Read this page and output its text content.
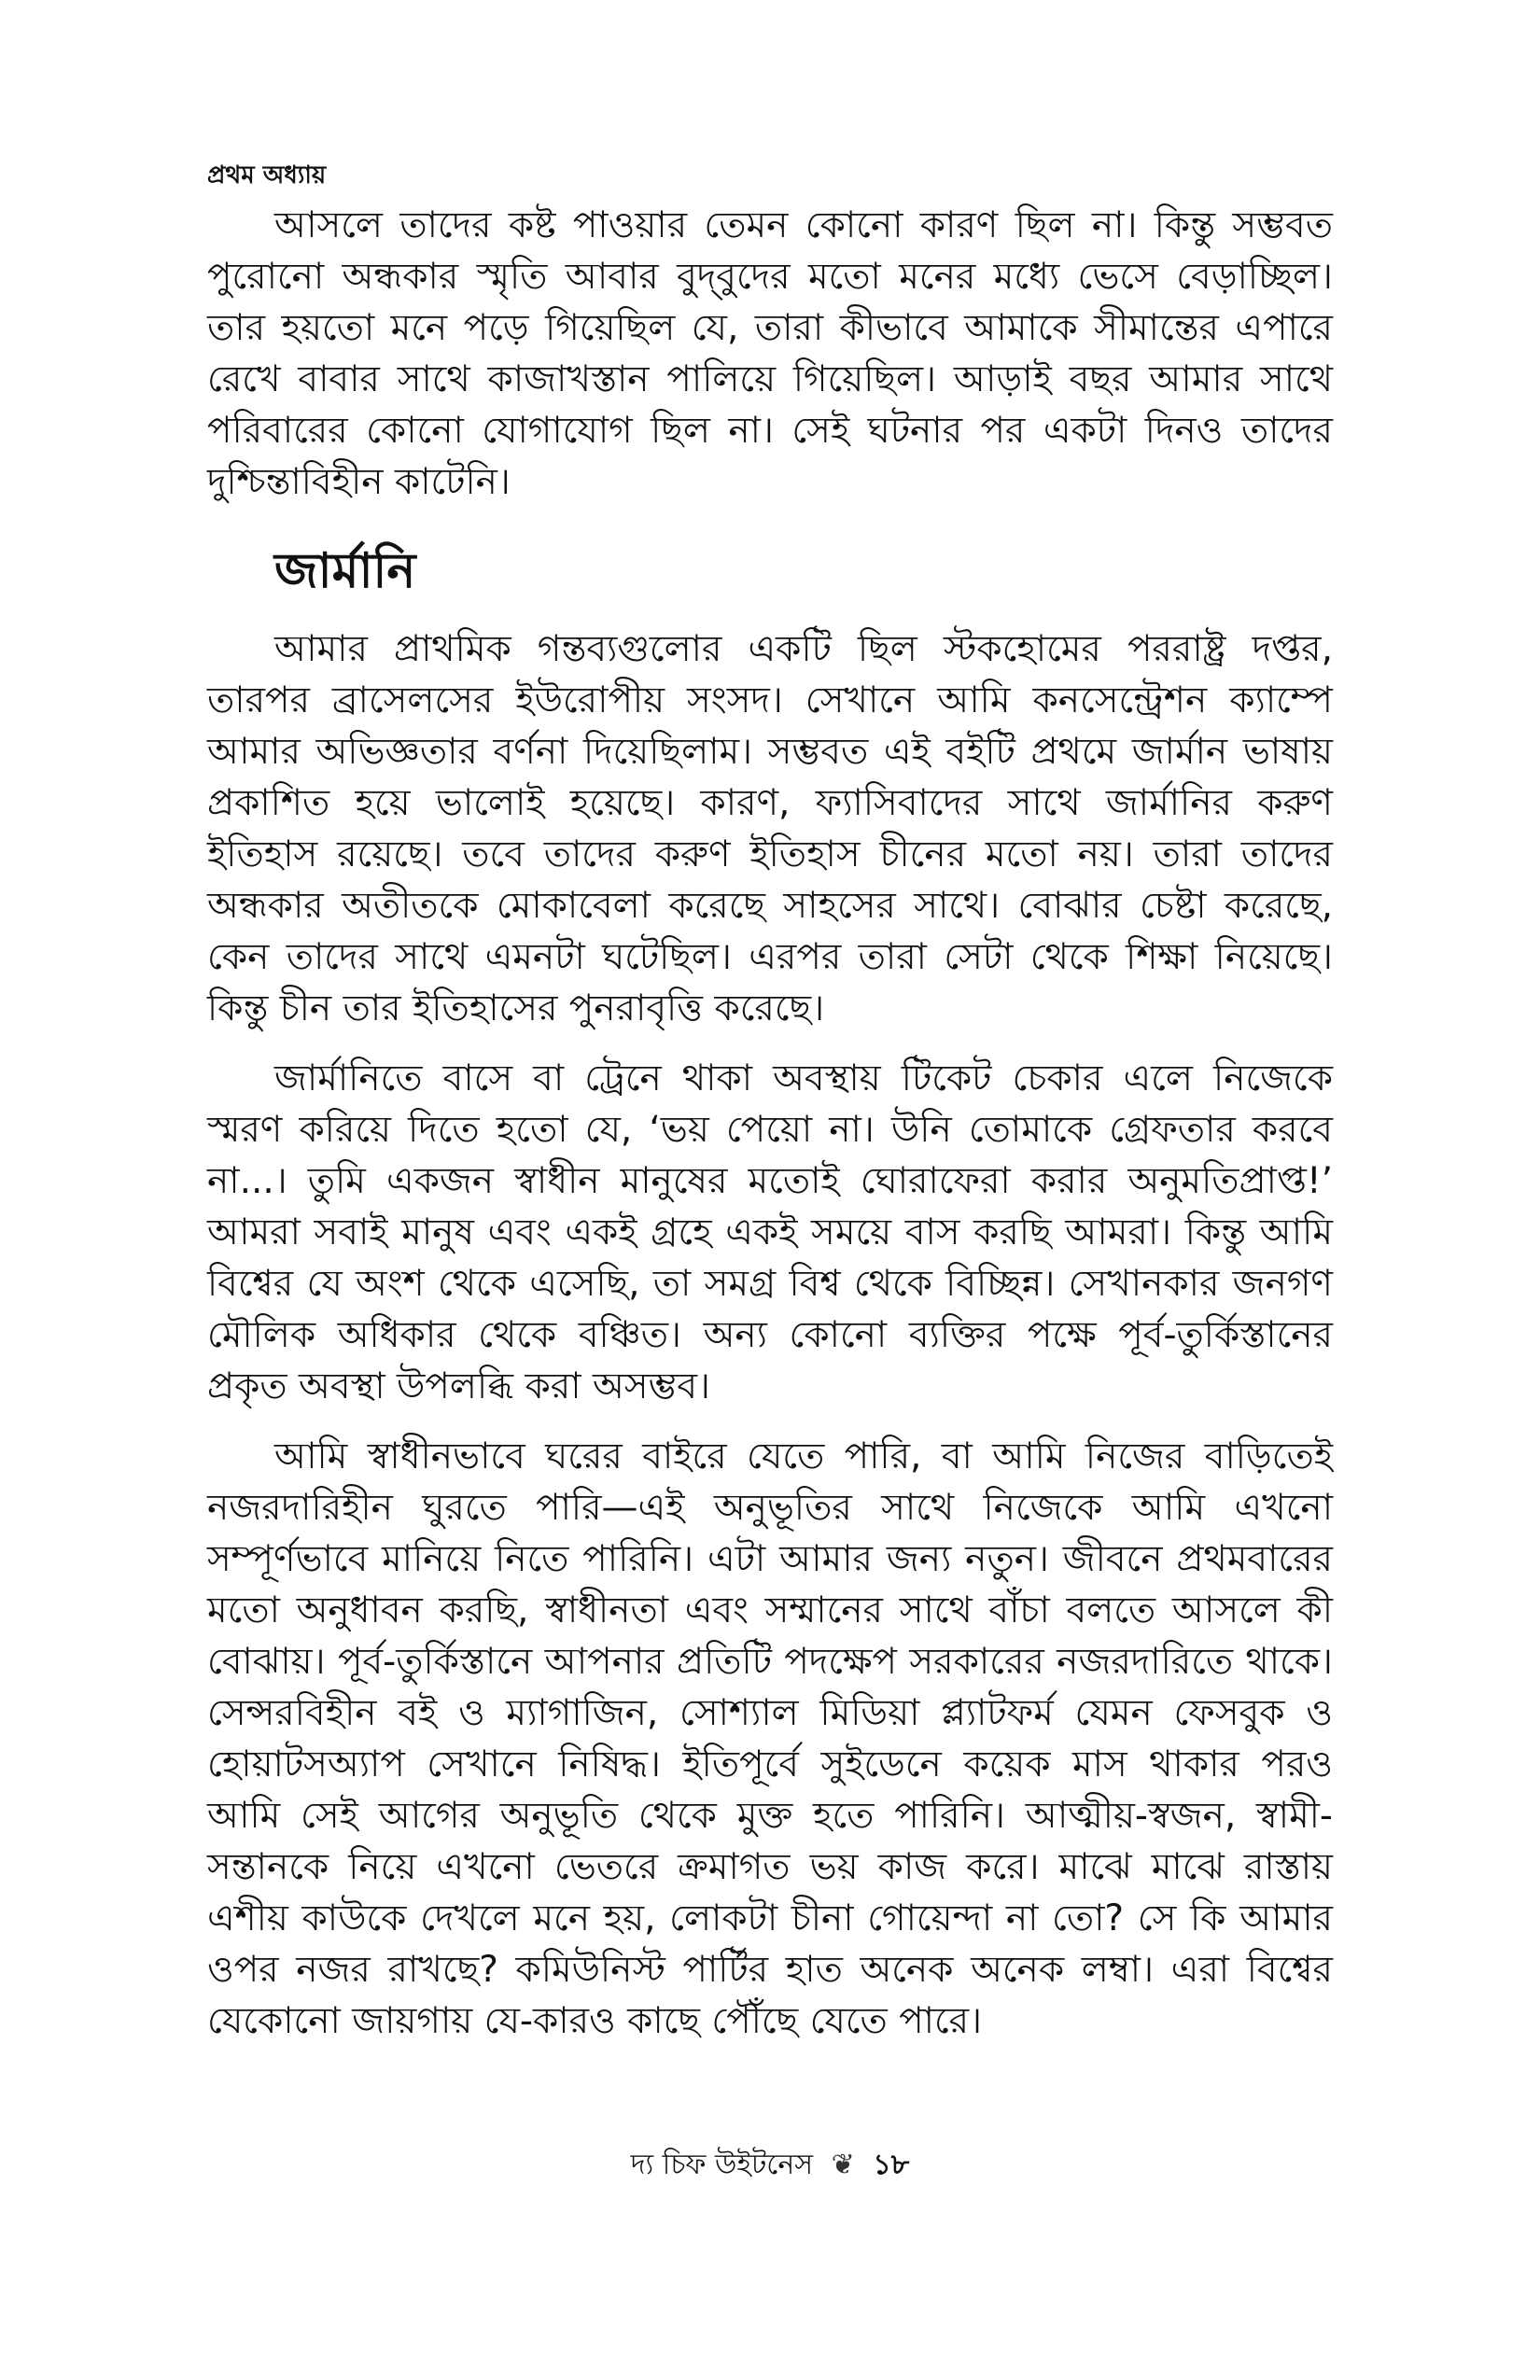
প্রথম অধ্যায়

আসলে তাদের কষ্ট পাওয়ার তেমন কোনো কারণ ছিল না। কিন্তু সম্ভবত পুরোনো অন্ধকার স্মৃতি আবার বুদ্‌বুদের মতো মনের মধ্যে ভেসে বেড়াচ্ছিল। তার হয়তো মনে পড়ে গিয়েছিল যে, তারা কীভাবে আমাকে সীমান্তের এপারে রেখে বাবার সাথে কাজাখস্তান পালিয়ে গিয়েছিল। আড়াই বছর আমার সাথে পরিবারের কোনো যোগাযোগ ছিল না। সেই ঘটনার পর একটা দিনও তাদের দুশ্চিন্তাবিহীন কাটেনি।

জার্মানি

আমার প্রাথমিক গন্তব্যগুলোর একটি ছিল স্টকহোমের পররাষ্ট্র দপ্তর, তারপর ব্রাসেলসের ইউরোপীয় সংসদ। সেখানে আমি কনসেন্ট্রেশন ক্যাম্পে আমার অভিজ্ঞতার বর্ণনা দিয়েছিলাম। সম্ভবত এই বইটি প্রথমে জার্মান ভাষায় প্রকাশিত হয়ে ভালোই হয়েছে। কারণ, ফ্যাসিবাদের সাথে জার্মানির করুণ ইতিহাস রয়েছে। তবে তাদের করুণ ইতিহাস চীনের মতো নয়। তারা তাদের অন্ধকার অতীতকে মোকাবেলা করেছে সাহসের সাথে। বোঝার চেষ্টা করেছে, কেন তাদের সাথে এমনটা ঘটেছিল। এরপর তারা সেটা থেকে শিক্ষা নিয়েছে। কিন্তু চীন তার ইতিহাসের পুনরাবৃত্তি করেছে।

জার্মানিতে বাসে বা ট্রেনে থাকা অবস্থায় টিকেট চেকার এলে নিজেকে স্মরণ করিয়ে দিতে হতো যে, ‘ভয় পেয়ো না। উনি তোমাকে গ্রেফতার করবে না...। তুমি একজন স্বাধীন মানুষের মতোই ঘোরাফেরা করার অনুমতিপ্রাপ্ত!’ আমরা সবাই মানুষ এবং একই গ্রহে একই সময়ে বাস করছি আমরা। কিন্তু আমি বিশ্বের যে অংশ থেকে এসেছি, তা সমগ্র বিশ্ব থেকে বিচ্ছিন্ন। সেখানকার জনগণ মৌলিক অধিকার থেকে বঞ্চিত। অন্য কোনো ব্যক্তির পক্ষে পূর্ব-তুর্কিস্তানের প্রকৃত অবস্থা উপলব্ধি করা অসম্ভব।

আমি স্বাধীনভাবে ঘরের বাইরে যেতে পারি, বা আমি নিজের বাড়িতেই নজরদারিহীন ঘুরতে পারি—এই অনুভূতির সাথে নিজেকে আমি এখনো সম্পূর্ণভাবে মানিয়ে নিতে পারিনি। এটা আমার জন্য নতুন। জীবনে প্রথমবারের মতো অনুধাবন করছি, স্বাধীনতা এবং সম্মানের সাথে বাঁচা বলতে আসলে কী বোঝায়। পূর্ব-তুর্কিস্তানে আপনার প্রতিটি পদক্ষেপ সরকারের নজরদারিতে থাকে। সেন্সরবিহীন বই ও ম্যাগাজিন, সোশ্যাল মিডিয়া প্ল্যাটফর্ম যেমন ফেসবুক ও হোয়াটসঅ্যাপ সেখানে নিষিদ্ধ। ইতিপূর্বে সুইডেনে কয়েক মাস থাকার পরও আমি সেই আগের অনুভূতি থেকে মুক্ত হতে পারিনি। আত্মীয়-স্বজন, স্বামী-সন্তানকে নিয়ে এখনো ভেতরে ক্রমাগত ভয় কাজ করে। মাঝে মাঝে রাস্তায় এশীয় কাউকে দেখলে মনে হয়, লোকটা চীনা গোয়েন্দা না তো? সে কি আমার ওপর নজর রাখছে? কমিউনিস্ট পার্টির হাত অনেক অনেক লম্বা। এরা বিশ্বের যেকোনো জায়গায় যে-কারও কাছে পৌঁছে যেতে পারে।

দ্য চিফ উইটনেস ❦ ১৮
